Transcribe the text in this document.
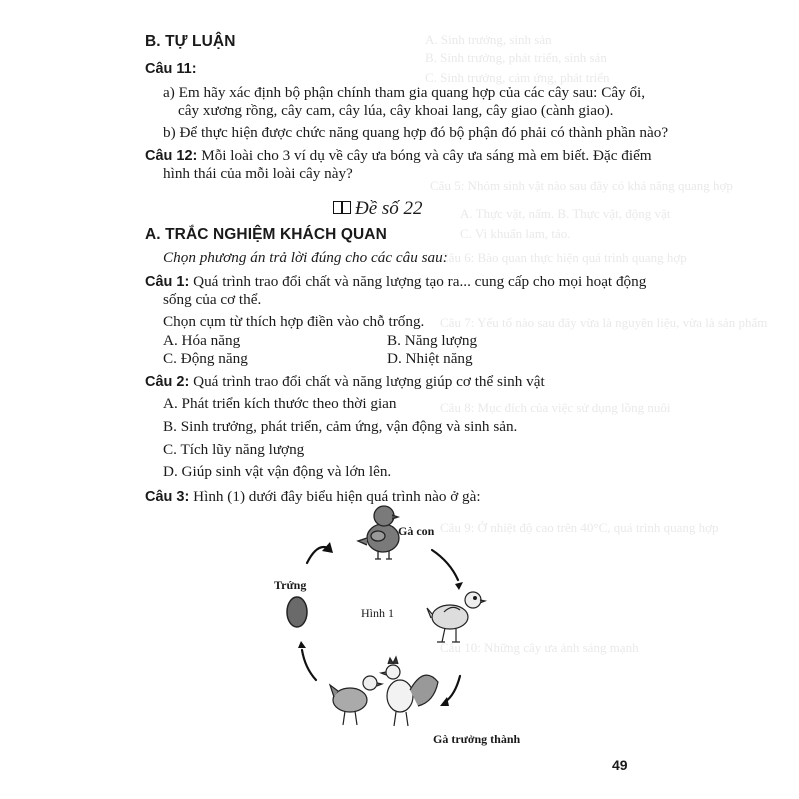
A. Sinh trưởng, sinh sản
B. Sinh trưởng, phát triển, sinh sản
C. Sinh trưởng, cảm ứng, phát triển
Câu 5: Nhóm sinh vật nào sau đây có khả năng quang hợp
A. Thực vật, nấm. B. Thực vật, động vật
C. Vi khuẩn lam, tảo.
Câu 6: Bào quan thực hiện quá trình quang hợp
Câu 7: Yếu tố nào sau đây vừa là nguyên liệu, vừa là sản phẩm
Câu 8: Mục đích của việc sử dụng lồng nuôi
Câu 9: Ở nhiệt độ cao trên 40°C, quá trình quang hợp
Câu 10: Những cây ưa ánh sáng mạnh
B. TỰ LUẬN
Câu 11:
a) Em hãy xác định bộ phận chính tham gia quang hợp của các cây sau: Cây ổi,
cây xương rồng, cây cam, cây lúa, cây khoai lang, cây giao (cành giao).
b) Để thực hiện được chức năng quang hợp đó bộ phận đó phải có thành phần nào?
Câu 12: Mỗi loài cho 3 ví dụ về cây ưa bóng và cây ưa sáng mà em biết. Đặc điểm
hình thái của mỗi loài cây này?
Đề số 22
A. TRẮC NGHIỆM KHÁCH QUAN
Chọn phương án trả lời đúng cho các câu sau:
Câu 1: Quá trình trao đổi chất và năng lượng tạo ra... cung cấp cho mọi hoạt động
sống của cơ thể.
Chọn cụm từ thích hợp điền vào chỗ trống.
A. Hóa năng	B. Năng lượng
C. Động năng	D. Nhiệt năng
Câu 2: Quá trình trao đổi chất và năng lượng giúp cơ thể sinh vật
A. Phát triển kích thước theo thời gian
B. Sinh trưởng, phát triển, cảm ứng, vận động và sinh sản.
C. Tích lũy năng lượng
D. Giúp sinh vật vận động và lớn lên.
Câu 3: Hình (1) dưới đây biểu hiện quá trình nào ở gà:
Gà con
Trứng
Hình 1
Gà trưởng thành
49
